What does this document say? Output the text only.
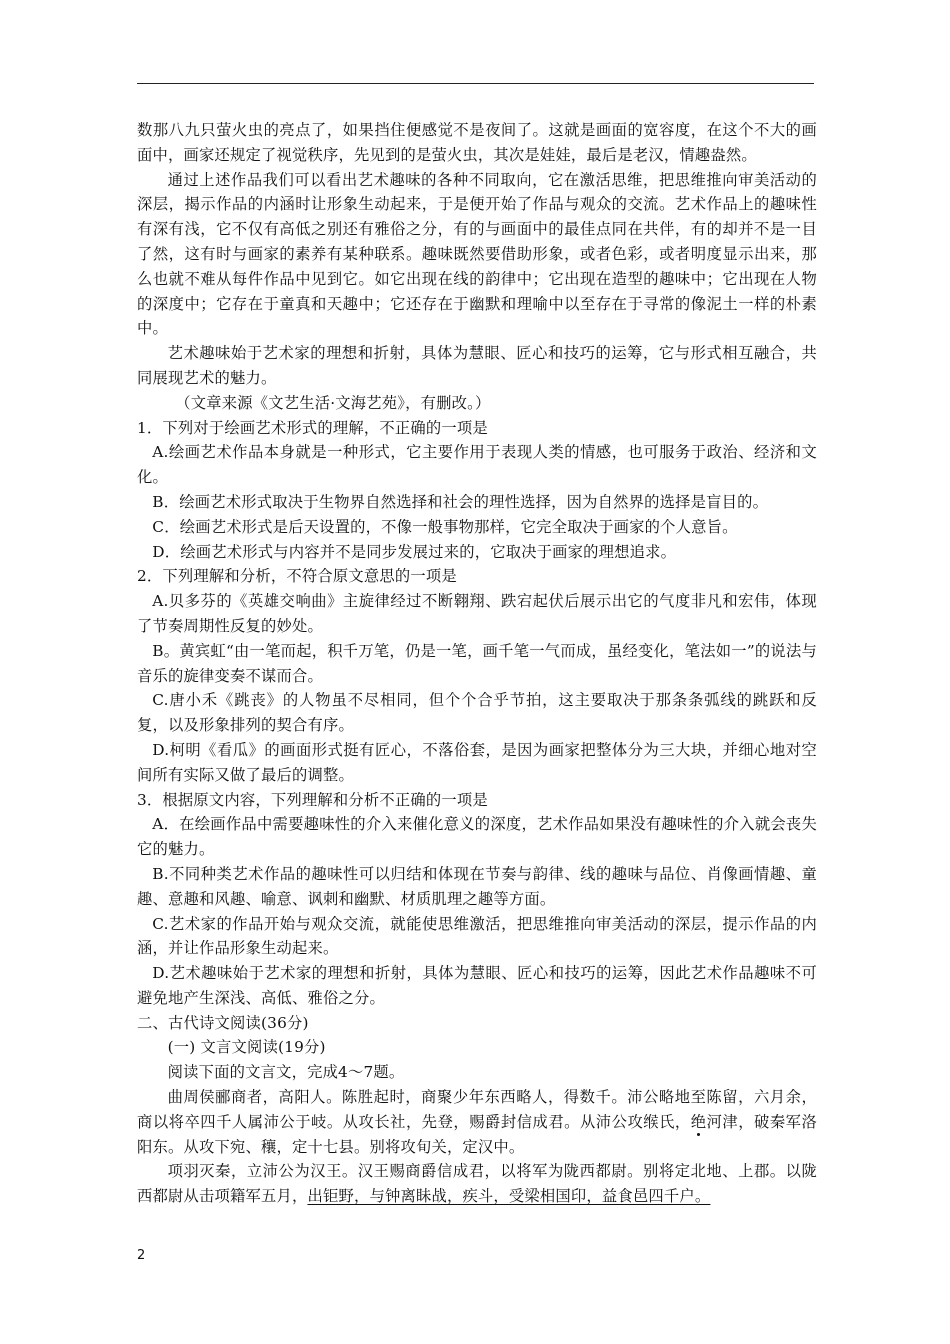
数那八九只萤火虫的亮点了，如果挡住便感觉不是夜间了。这就是画面的宽容度，在这个不大的画面中，画家还规定了视觉秩序，先见到的是萤火虫，其次是娃娃，最后是老汉，情趣盎然。

通过上述作品我们可以看出艺术趣味的各种不同取向，它在激活思维，把思维推向审美活动的深层，揭示作品的内涵时让形象生动起来，于是便开始了作品与观众的交流。艺术作品上的趣味性有深有浅，它不仅有高低之别还有雅俗之分，有的与画面中的最佳点同在共伴，有的却并不是一目了然，这有时与画家的素养有某种联系。趣味既然要借助形象，或者色彩，或者明度显示出来，那么也就不难从每件作品中见到它。如它出现在线的韵律中；它出现在造型的趣味中；它出现在人物的深度中；它存在于童真和天趣中；它还存在于幽默和理喻中以至存在于寻常的像泥土一样的朴素中。

艺术趣味始于艺术家的理想和折射，具体为慧眼、匠心和技巧的运筹，它与形式相互融合，共同展现艺术的魅力。

（文章来源《文艺生活·文海艺苑》，有删改。）

1．下列对于绘画艺术形式的理解，不正确的一项是

A.绘画艺术作品本身就是一种形式，它主要作用于表现人类的情感，也可服务于政治、经济和文化。

B．绘画艺术形式取决于生物界自然选择和社会的理性选择，因为自然界的选择是盲目的。

C．绘画艺术形式是后天设置的，不像一般事物那样，它完全取决于画家的个人意旨。

D．绘画艺术形式与内容并不是同步发展过来的，它取决于画家的理想追求。

2．下列理解和分析，不符合原文意思的一项是

A.贝多芬的《英雄交响曲》主旋律经过不断翱翔、跌宕起伏后展示出它的气度非凡和宏伟，体现了节奏周期性反复的妙处。

B。黄宾虹“由一笔而起，积千万笔，仍是一笔，画千笔一气而成，虽经变化，笔法如一”的说法与音乐的旋律变奏不谋而合。

C.唐小禾《跳丧》的人物虽不尽相同，但个个合乎节拍，这主要取决于那条条弧线的跳跃和反复，以及形象排列的契合有序。

D.柯明《看瓜》的画面形式挺有匠心，不落俗套，是因为画家把整体分为三大块，并细心地对空间所有实际又做了最后的调整。

3．根据原文内容，下列理解和分析不正确的一项是

A．在绘画作品中需要趣味性的介入来催化意义的深度，艺术作品如果没有趣味性的介入就会丧失它的魅力。

B.不同种类艺术作品的趣味性可以归结和体现在节奏与韵律、线的趣味与品位、肖像画情趣、童趣、意趣和风趣、喻意、讽刺和幽默、材质肌理之趣等方面。

C.艺术家的作品开始与观众交流，就能使思维激活，把思维推向审美活动的深层，提示作品的内涵，并让作品形象生动起来。

D.艺术趣味始于艺术家的理想和折射，具体为慧眼、匠心和技巧的运筹，因此艺术作品趣味不可避免地产生深浅、高低、雅俗之分。

二、古代诗文阅读(36分)

(一) 文言文阅读(19分)

阅读下面的文言文，完成4～7题。

曲周侯郦商者，高阳人。陈胜起时，商聚少年东西略人，得数千。沛公略地至陈留，六月余，商以将卒四千人属沛公于岐。从攻长社，先登，赐爵封信成君。从沛公攻缑氏，绝河津，破秦军洛阳东。从攻下宛、穰，定十七县。别将攻旬关，定汉中。

项羽灭秦，立沛公为汉王。汉王赐商爵信成君，以将军为陇西都尉。别将定北地、上郡。以陇西都尉从击项籍军五月，出钜野，与钟离眛战，疾斗，受梁相国印，益食邑四千户。

2
